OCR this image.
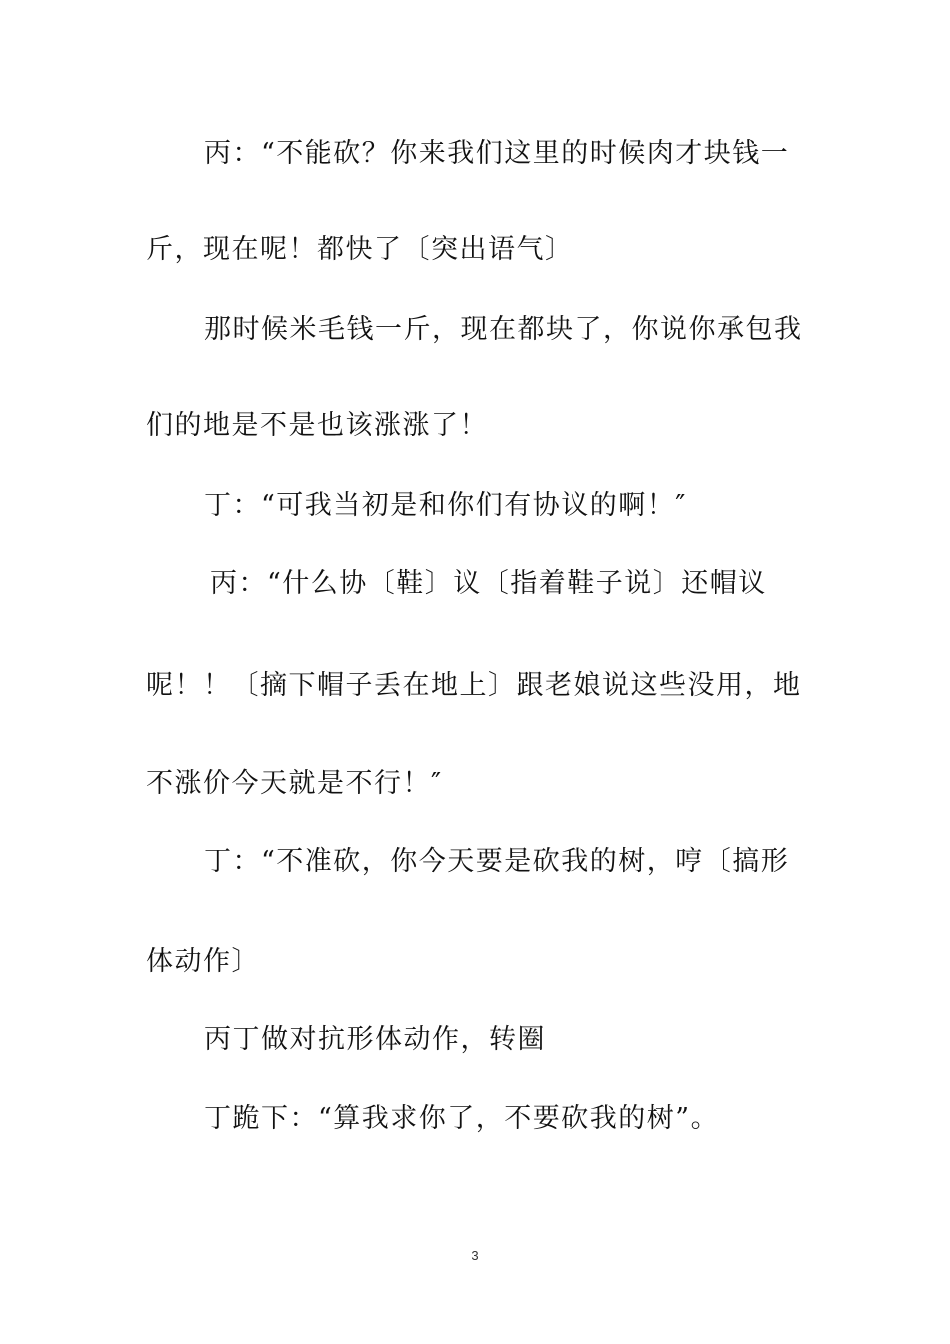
丙：“不能砍？你来我们这里的时候肉才块钱一
斤，现在呢！都快了〔突出语气〕
那时候米毛钱一斤，现在都块了，你说你承包我
们的地是不是也该涨涨了！
丁：“可我当初是和你们有协议的啊！″
丙：“什么协〔鞋〕议〔指着鞋子说〕还帽议
呢！！〔摘下帽子丢在地上〕跟老娘说这些没用，地
不涨价今天就是不行！″
丁：“不准砍，你今天要是砍我的树，哼〔搞形
体动作〕
丙丁做对抗形体动作，转圈
丁跪下：“算我求你了，不要砍我的树”。
3
